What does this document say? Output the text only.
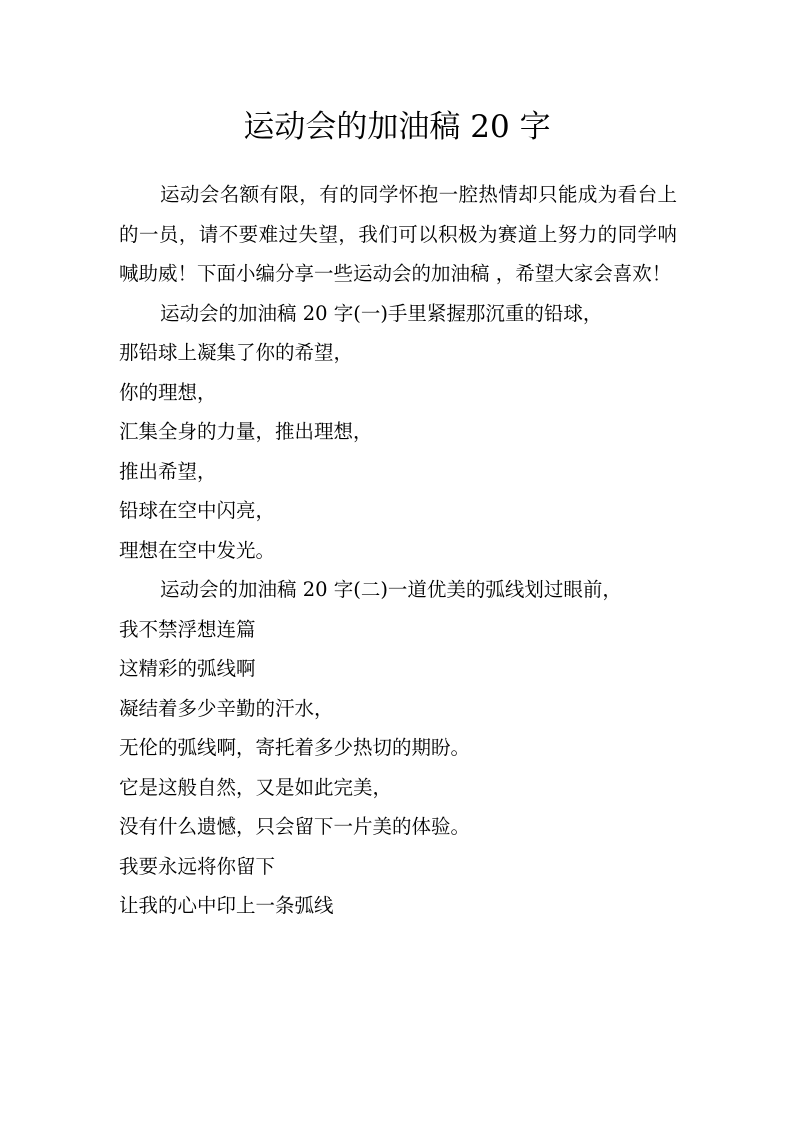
运动会的加油稿 20 字

运动会名额有限，有的同学怀抱一腔热情却只能成为看台上的一员，请不要难过失望，我们可以积极为赛道上努力的同学呐喊助威！下面小编分享一些运动会的加油稿 ，希望大家会喜欢！

运动会的加油稿 20 字(一)手里紧握那沉重的铅球，
那铅球上凝集了你的希望，
你的理想，
汇集全身的力量，推出理想，
推出希望，
铅球在空中闪亮，
理想在空中发光。
运动会的加油稿 20 字(二)一道优美的弧线划过眼前，
我不禁浮想连篇
这精彩的弧线啊
凝结着多少辛勤的汗水，
无伦的弧线啊，寄托着多少热切的期盼。
它是这般自然，又是如此完美，
没有什么遗憾，只会留下一片美的体验。
我要永远将你留下
让我的心中印上一条弧线
